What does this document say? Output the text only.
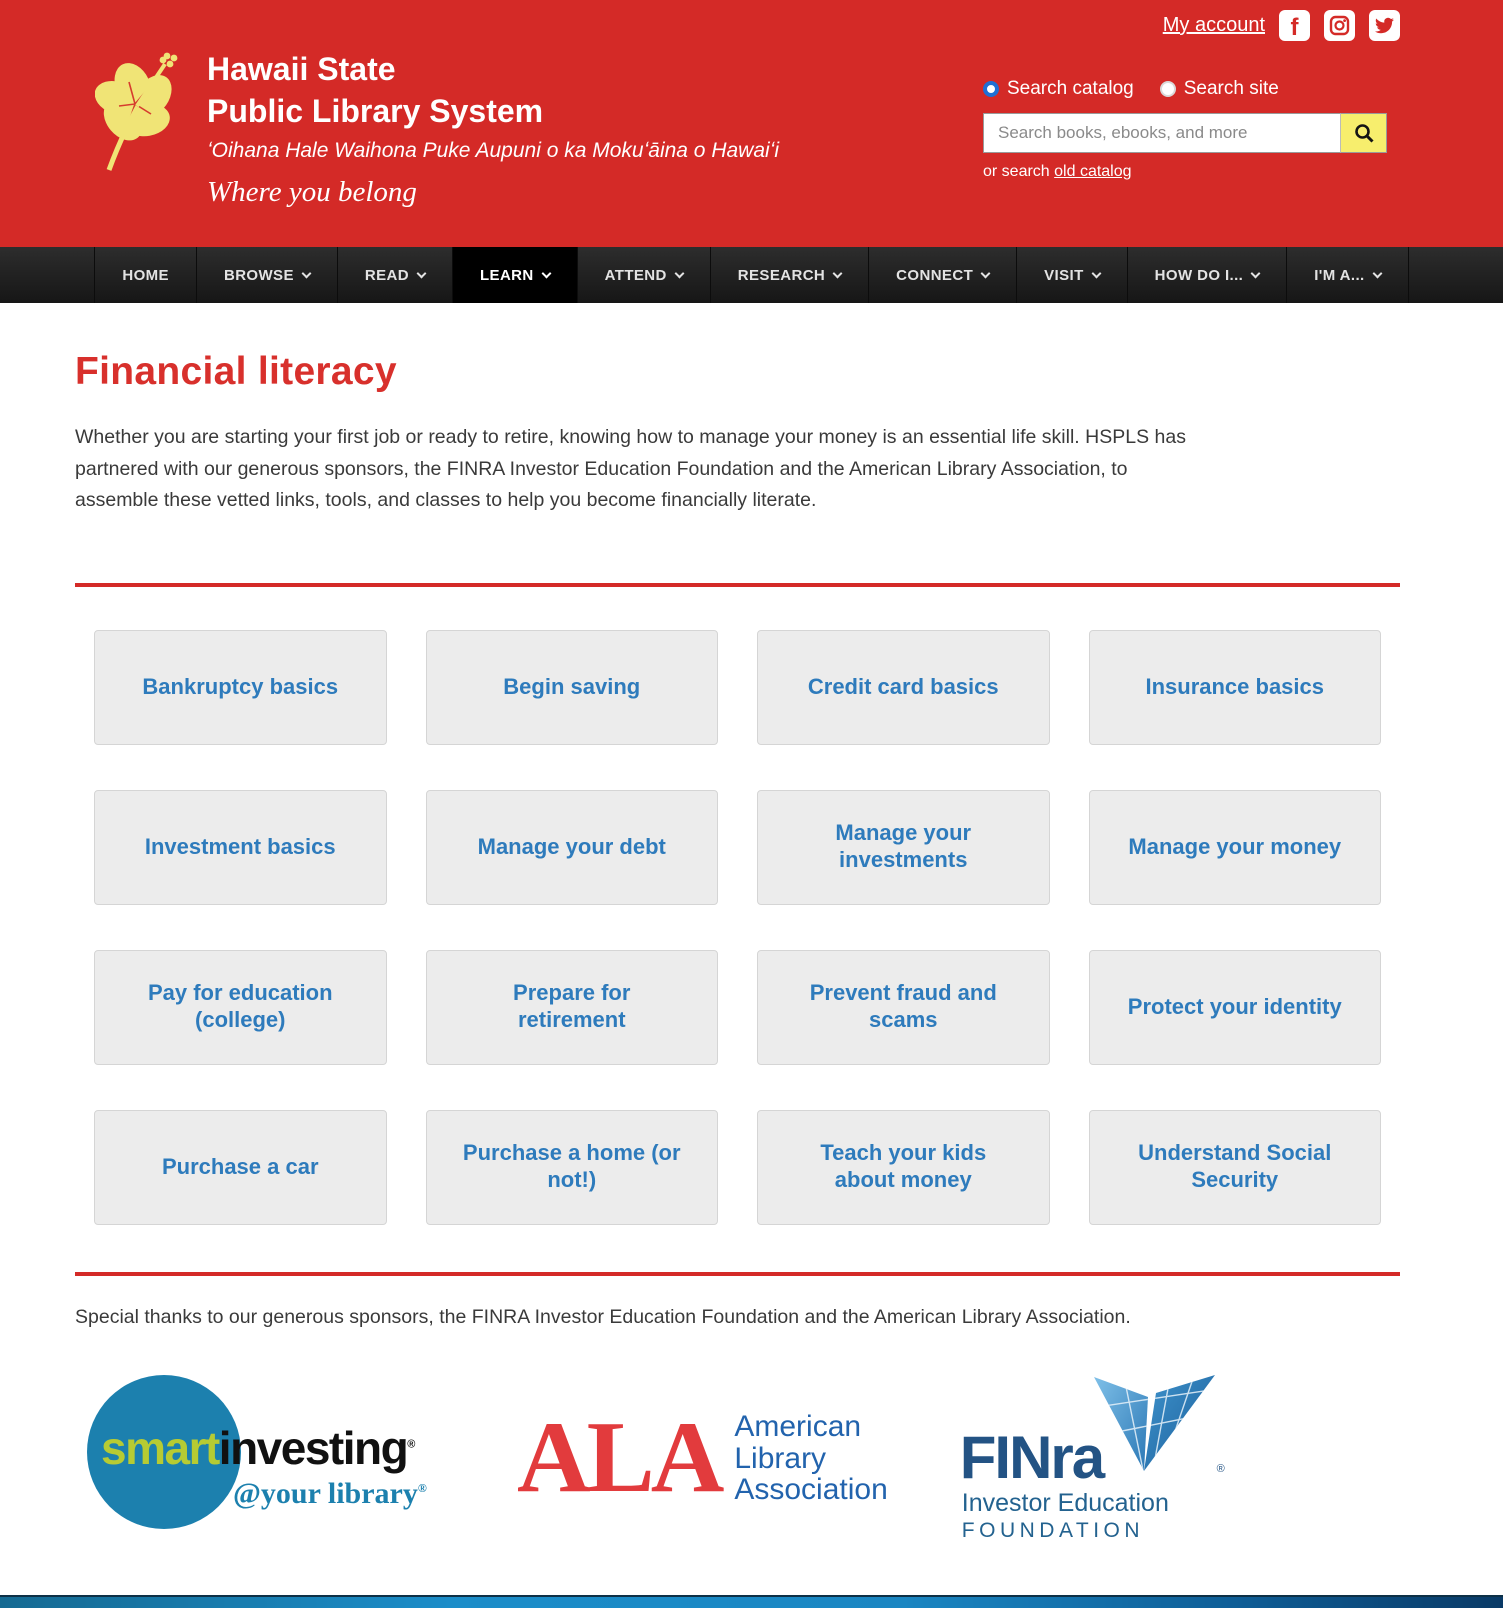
My account f
Hawaii State
Public Library System
ʻOihana Hale Waihona Puke Aupuni o ka Mokuʻāina o Hawaiʻi
Where you belong
Search catalog	Search site
Search books, ebooks, and more
or search old catalog
HOME	BROWSE	READ	LEARN	ATTEND	RESEARCH	CONNECT	VISIT	HOW DO I...	I'M A...
Financial literacy

Whether you are starting your first job or ready to retire, knowing how to manage your money is an essential life skill. HSPLS has partnered with our generous sponsors, the FINRA Investor Education Foundation and the American Library Association, to assemble these vetted links, tools, and classes to help you become financially literate.

Bankruptcy basics	Begin saving	Credit card basics	Insurance basics
Investment basics	Manage your debt
Manage your investments
Manage your money
Pay for education (college)
Prepare for retirement
Prevent fraud and scams
Protect your identity
Purchase a car
Purchase a home (or not!)
Teach your kids about money
Understand Social Security

Special thanks to our generous sponsors, the FINRA Investor Education Foundation and the American Library Association.

smartinvesting®
@your library® ALA American
Library
Association FINra	®
Investor Education
FOUNDATION
